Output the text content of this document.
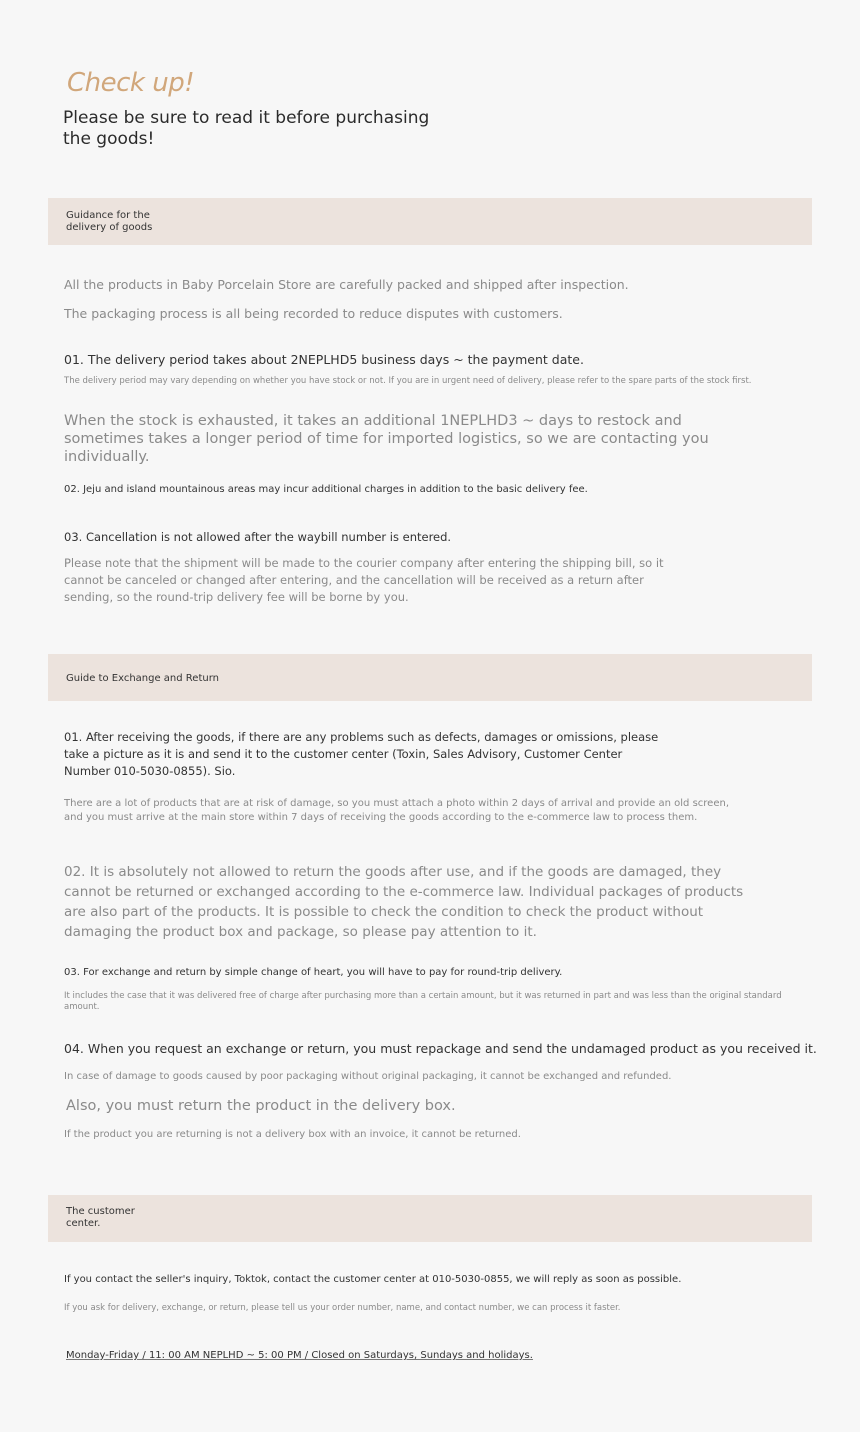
Check up!
Please be sure to read it before purchasing the goods!
Guidance for the
delivery of goods
All the products in Baby Porcelain Store are carefully packed and shipped after inspection.
The packaging process is all being recorded to reduce disputes with customers.
01. The delivery period takes about 2NEPLHD5 business days ~ the payment date.
The delivery period may vary depending on whether you have stock or not. If you are in urgent need of delivery, please refer to the spare parts of the stock first.
When the stock is exhausted, it takes an additional 1NEPLHD3 ~ days to restock and sometimes takes a longer period of time for imported logistics, so we are contacting you individually.
02. Jeju and island mountainous areas may incur additional charges in addition to the basic delivery fee.
03. Cancellation is not allowed after the waybill number is entered.
Please note that the shipment will be made to the courier company after entering the shipping bill, so it cannot be canceled or changed after entering, and the cancellation will be received as a return after sending, so the round-trip delivery fee will be borne by you.
Guide to Exchange and Return
01. After receiving the goods, if there are any problems such as defects, damages or omissions, please take a picture as it is and send it to the customer center (Toxin, Sales Advisory, Customer Center Number 010-5030-0855). Sio.
There are a lot of products that are at risk of damage, so you must attach a photo within 2 days of arrival and provide an old screen, and you must arrive at the main store within 7 days of receiving the goods according to the e-commerce law to process them.
02. It is absolutely not allowed to return the goods after use, and if the goods are damaged, they cannot be returned or exchanged according to the e-commerce law. Individual packages of products are also part of the products. It is possible to check the condition to check the product without damaging the product box and package, so please pay attention to it.
03. For exchange and return by simple change of heart, you will have to pay for round-trip delivery.
It includes the case that it was delivered free of charge after purchasing more than a certain amount, but it was returned in part and was less than the original standard amount.
04. When you request an exchange or return, you must repackage and send the undamaged product as you received it.
In case of damage to goods caused by poor packaging without original packaging, it cannot be exchanged and refunded.
Also, you must return the product in the delivery box.
If the product you are returning is not a delivery box with an invoice, it cannot be returned.
The customer
center.
If you contact the seller's inquiry, Toktok, contact the customer center at 010-5030-0855, we will reply as soon as possible.
If you ask for delivery, exchange, or return, please tell us your order number, name, and contact number, we can process it faster.
Monday-Friday / 11: 00 AM NEPLHD ~ 5: 00 PM / Closed on Saturdays, Sundays and holidays.
